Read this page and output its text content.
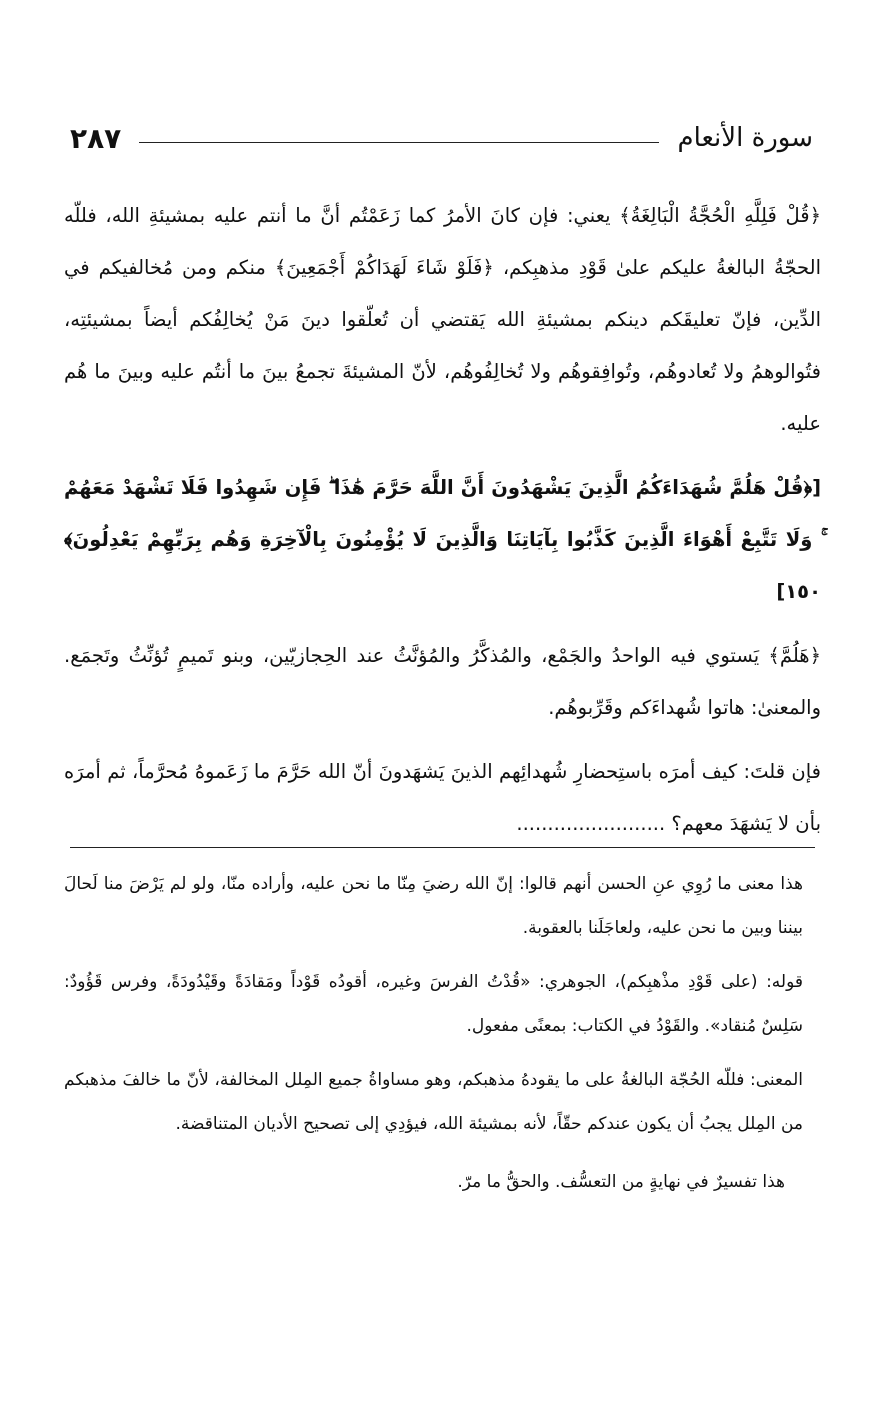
سورة الأنعام
٢٨٧

﴿قُلْ فَلِلَّهِ الْحُجَّةُ الْبَالِغَةُ﴾ يعني: فإن كانَ الأمرُ كما زَعَمْتُم أنَّ ما أنتم عليه بمشيئةِ الله، فللّه الحجّةُ البالغةُ عليكم علىٰ قَوْدِ مذهبِكم، ﴿فَلَوْ شَاءَ لَهَدَاكُمْ أَجْمَعِينَ﴾ منكم ومن مُخالفيكم في الدِّين، فإنّ تعليقَكم دينكم بمشيئةِ الله يَقتضي أن تُعلّقوا دينَ مَنْ يُخالِفُكم أيضاً بمشيئتِه، فتُوالوهمُ ولا تُعادوهُم، وتُوافِقوهُم ولا تُخالِفُوهُم، لأنّ المشيئةَ تجمعُ بينَ ما أنتُم عليه وبينَ ما هُم عليه.

[﴿قُلْ هَلُمَّ شُهَدَاءَكُمُ الَّذِينَ يَشْهَدُونَ أَنَّ اللَّهَ حَرَّمَ هَٰذَا ۖ فَإِن شَهِدُوا فَلَا تَشْهَدْ مَعَهُمْ ۚ وَلَا تَتَّبِعْ أَهْوَاءَ الَّذِينَ كَذَّبُوا بِآيَاتِنَا وَالَّذِينَ لَا يُؤْمِنُونَ بِالْآخِرَةِ وَهُم بِرَبِّهِمْ يَعْدِلُونَ﴾ ١٥٠]

﴿هَلُمَّ﴾ يَستوي فيه الواحدُ والجَمْع، والمُذكَّرُ والمُؤنَّثُ عند الحِجازيّين، وبنو تَميمٍ تُؤنِّثُ وتَجمَع. والمعنىٰ: هاتوا شُهداءَكم وقَرِّبوهُم.

فإن قلتَ: كيف أمرَه باستِحضارِ شُهدائِهم الذينَ يَشهَدونَ أنّ الله حَرَّمَ ما زَعَموهُ مُحرَّماً، ثم أمرَه بأن لا يَشهَدَ معهم؟ ........................

هذا معنى ما رُوِي عنِ الحسن أنهم قالوا: إنّ الله رضيَ مِنّا ما نحن عليه، وأراده منّا، ولو لم يَرْضَ منا لَحالَ بيننا وبين ما نحن عليه، ولعاجَلَنا بالعقوبة.

قوله: (على قَوْدِ مذْهبِكم)، الجوهري: «قُدْتُ الفرسَ وغيره، أقودُه قَوْداً ومَقادَةً وقَيْدُودَةً، وفرس قَؤُودٌ: سَلِسٌ مُنقاد». والقَوْدُ في الكتاب: بمعنًى مفعول.

المعنى: فللّه الحُجّة البالغةُ على ما يقودهُ مذهبكم، وهو مساواةُ جميع المِلل المخالفة، لأنّ ما خالفَ مذهبكم من المِلل يجبُ أن يكون عندكم حقّاً، لأنه بمشيئة الله، فيؤدِي إلى تصحيح الأديان المتناقضة.

هذا تفسيرٌ في نهايةٍ من التعسُّف. والحقُّ ما مرّ.
